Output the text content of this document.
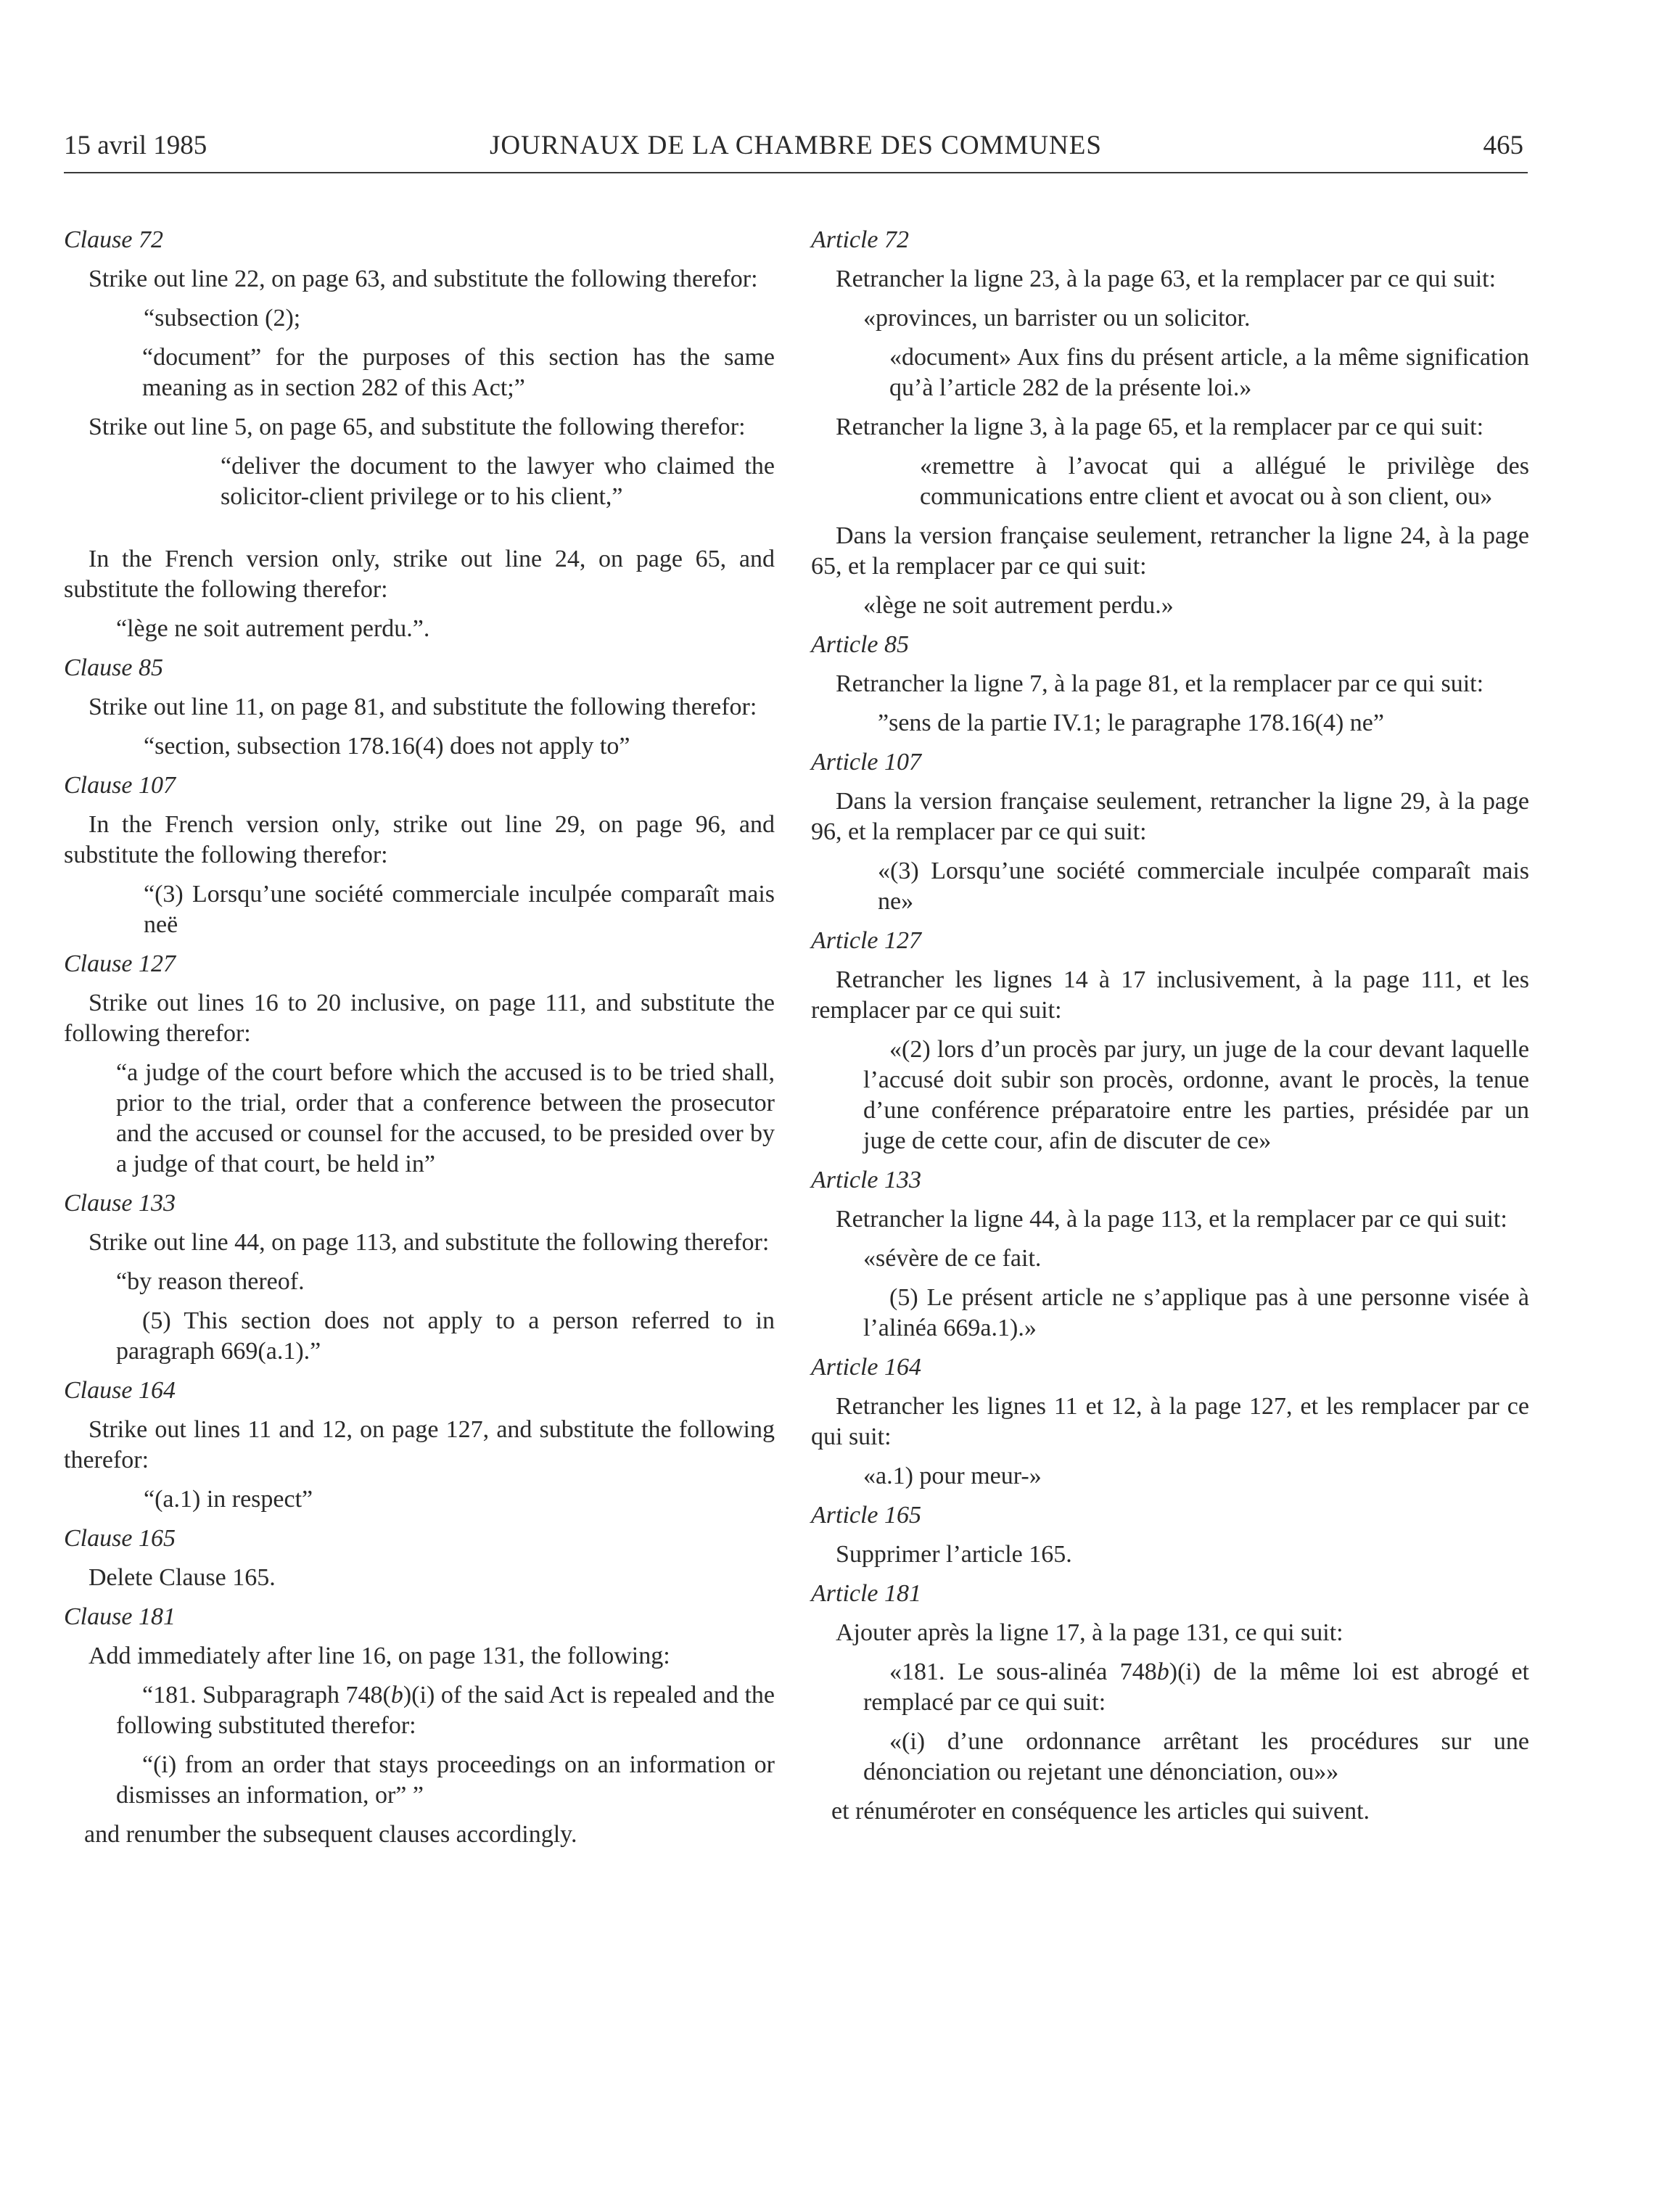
15 avril 1985	JOURNAUX DE LA CHAMBRE DES COMMUNES	465

Clause 72

Strike out line 22, on page 63, and substitute the following therefor:

“subsection (2);

“document” for the purposes of this section has the same meaning as in section 282 of this Act;”

Strike out line 5, on page 65, and substitute the following therefor:

“deliver the document to the lawyer who claimed the solicitor-client privilege or to his client,”

In the French version only, strike out line 24, on page 65, and substitute the following therefor:

“lège ne soit autrement perdu.”.

Clause 85

Strike out line 11, on page 81, and substitute the following therefor:

“section, subsection 178.16(4) does not apply to”

Clause 107

In the French version only, strike out line 29, on page 96, and substitute the following therefor:

“(3) Lorsqu’une société commerciale inculpée comparaît mais neë

Clause 127

Strike out lines 16 to 20 inclusive, on page 111, and substitute the following therefor:

“a judge of the court before which the accused is to be tried shall, prior to the trial, order that a conference between the prosecutor and the accused or counsel for the accused, to be presided over by a judge of that court, be held in”

Clause 133

Strike out line 44, on page 113, and substitute the following therefor:

“by reason thereof.

(5) This section does not apply to a person referred to in paragraph 669(a.1).”

Clause 164

Strike out lines 11 and 12, on page 127, and substitute the following therefor:

“(a.1) in respect”

Clause 165

Delete Clause 165.

Clause 181

Add immediately after line 16, on page 131, the following:

“181. Subparagraph 748(b)(i) of the said Act is repealed and the following substituted therefor:

“(i) from an order that stays proceedings on an information or dismisses an information, or” ”

and renumber the subsequent clauses accordingly.

Article 72

Retrancher la ligne 23, à la page 63, et la remplacer par ce qui suit:

«provinces, un barrister ou un solicitor.

«document» Aux fins du présent article, a la même signification qu’à l’article 282 de la présente loi.»

Retrancher la ligne 3, à la page 65, et la remplacer par ce qui suit:

«remettre à l’avocat qui a allégué le privilège des communications entre client et avocat ou à son client, ou»

Dans la version française seulement, retrancher la ligne 24, à la page 65, et la remplacer par ce qui suit:

«lège ne soit autrement perdu.»

Article 85

Retrancher la ligne 7, à la page 81, et la remplacer par ce qui suit:

”sens de la partie IV.1; le paragraphe 178.16(4) ne”

Article 107

Dans la version française seulement, retrancher la ligne 29, à la page 96, et la remplacer par ce qui suit:

«(3) Lorsqu’une société commerciale inculpée comparaît mais ne»

Article 127

Retrancher les lignes 14 à 17 inclusivement, à la page 111, et les remplacer par ce qui suit:

«(2) lors d’un procès par jury, un juge de la cour devant laquelle l’accusé doit subir son procès, ordonne, avant le procès, la tenue d’une conférence préparatoire entre les parties, présidée par un juge de cette cour, afin de discuter de ce»

Article 133

Retrancher la ligne 44, à la page 113, et la remplacer par ce qui suit:

«sévère de ce fait.

(5) Le présent article ne s’applique pas à une personne visée à l’alinéa 669a.1).»

Article 164

Retrancher les lignes 11 et 12, à la page 127, et les remplacer par ce qui suit:

«a.1) pour meur-»

Article 165

Supprimer l’article 165.

Article 181

Ajouter après la ligne 17, à la page 131, ce qui suit:

«181. Le sous-alinéa 748b)(i) de la même loi est abrogé et remplacé par ce qui suit:

«(i) d’une ordonnance arrêtant les procédures sur une dénonciation ou rejetant une dénonciation, ou»»

et rénuméroter en conséquence les articles qui suivent.
